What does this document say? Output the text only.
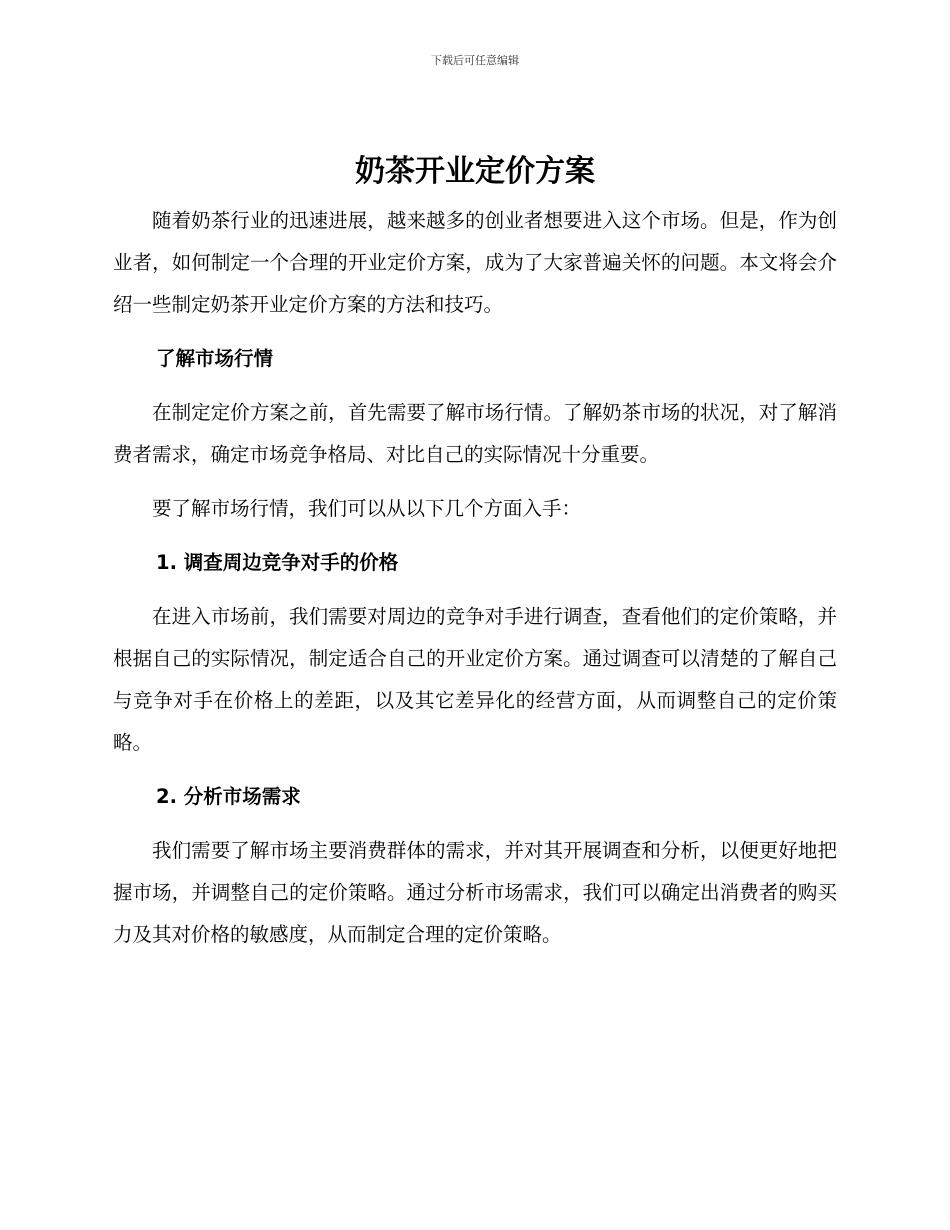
下载后可任意编辑
奶茶开业定价方案

随着奶茶行业的迅速进展，越来越多的创业者想要进入这个市场。但是，作为创业者，如何制定一个合理的开业定价方案，成为了大家普遍关怀的问题。本文将会介绍一些制定奶茶开业定价方案的方法和技巧。

了解市场行情

在制定定价方案之前，首先需要了解市场行情。了解奶茶市场的状况，对了解消费者需求，确定市场竞争格局、对比自己的实际情况十分重要。

要了解市场行情，我们可以从以下几个方面入手：

1. 调查周边竞争对手的价格

在进入市场前，我们需要对周边的竞争对手进行调查，查看他们的定价策略，并根据自己的实际情况，制定适合自己的开业定价方案。通过调查可以清楚的了解自己与竞争对手在价格上的差距，以及其它差异化的经营方面，从而调整自己的定价策略。

2. 分析市场需求

我们需要了解市场主要消费群体的需求，并对其开展调查和分析，以便更好地把握市场，并调整自己的定价策略。通过分析市场需求，我们可以确定出消费者的购买力及其对价格的敏感度，从而制定合理的定价策略。
